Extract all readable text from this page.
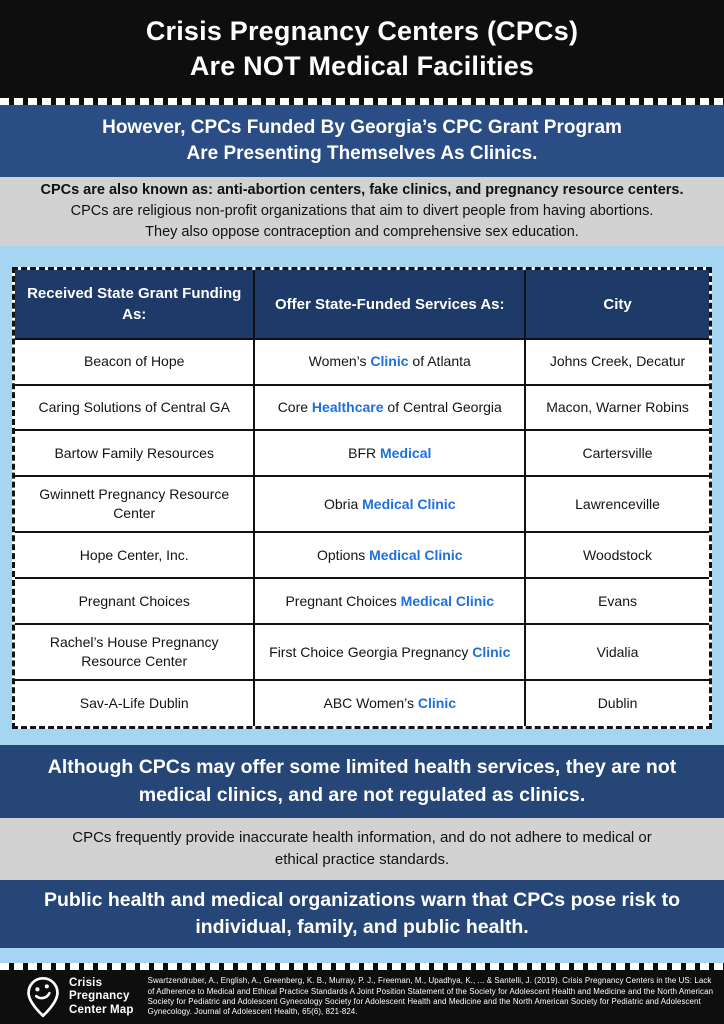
Crisis Pregnancy Centers (CPCs)
Are NOT Medical Facilities
However, CPCs Funded By Georgia’s CPC Grant Program
Are Presenting Themselves As Clinics.
CPCs are also known as: anti-abortion centers, fake clinics, and pregnancy resource centers.
CPCs are religious non-profit organizations that aim to divert people from having abortions.
They also oppose contraception and comprehensive sex education.
Received State Grant Funding As:	Offer State-Funded Services As:	City
Beacon of Hope	Women’s Clinic of Atlanta	Johns Creek, Decatur
Caring Solutions of Central GA	Core Healthcare of Central Georgia	Macon, Warner Robins
Bartow Family Resources	BFR Medical	Cartersville
Gwinnett Pregnancy Resource Center	Obria Medical Clinic	Lawrenceville
Hope Center, Inc.	Options Medical Clinic	Woodstock
Pregnant Choices	Pregnant Choices Medical Clinic	Evans
Rachel’s House Pregnancy Resource Center	First Choice Georgia Pregnancy Clinic	Vidalia
Sav-A-Life Dublin	ABC Women’s Clinic	Dublin
Although CPCs may offer some limited health services, they are not
medical clinics, and are not regulated as clinics.
CPCs frequently provide inaccurate health information, and do not adhere to medical or
ethical practice standards.
Public health and medical organizations warn that CPCs pose risk to
individual, family, and public health.
Crisis
Pregnancy
Center Map

Swartzendruber, A., English, A., Greenberg, K. B., Murray, P. J., Freeman, M., Upadhya, K., ... & Santelli, J. (2019). Crisis Pregnancy Centers in the US: Lack of Adherence to Medical and Ethical Practice Standards A Joint Position Statement of the Society for Adolescent Health and Medicine and the North American Society for Pediatric and Adolescent Gynecology Society for Adolescent Health and Medicine and the North American Society for Pediatric and Adolescent Gynecology. Journal of Adolescent Health, 65(6), 821-824.
